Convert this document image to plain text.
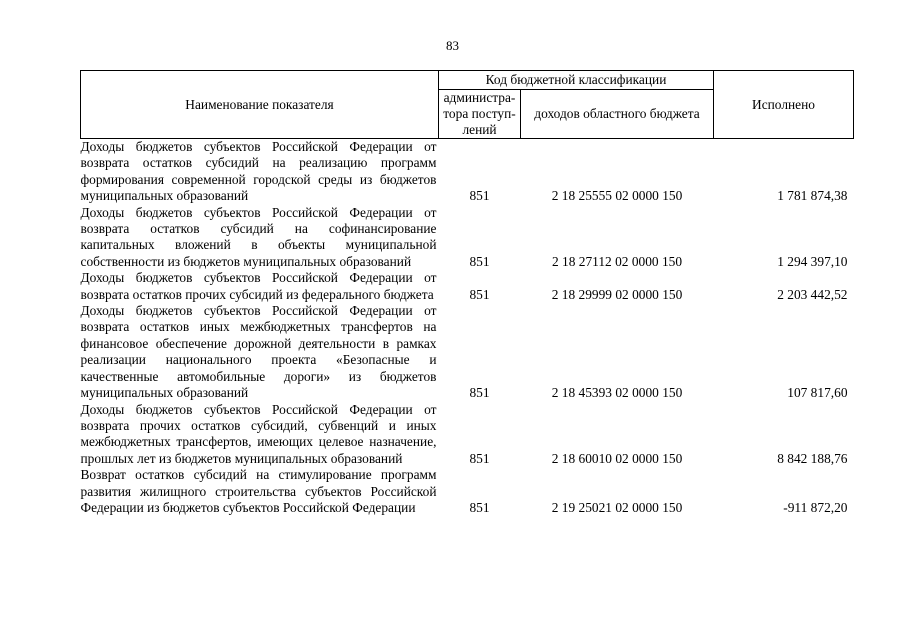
83
Наименование показателя	Код бюджетной классификации		Исполнено
	администра-тора поступ-лений	доходов областного бюджета	
Доходы бюджетов субъектов Российской Федерации от возврата остатков субсидий на реализацию программ формирования современной городской среды из бюджетов муниципальных образований	851	2 18 25555 02 0000 150	1 781 874,38
Доходы бюджетов субъектов Российской Федерации от возврата остатков субсидий на софинансирование капитальных вложений в объекты муниципальной собственности из бюджетов муниципальных образований	851	2 18 27112 02 0000 150	1 294 397,10
Доходы бюджетов субъектов Российской Федерации от возврата остатков прочих субсидий из федерального бюджета	851	2 18 29999 02 0000 150	2 203 442,52
Доходы бюджетов субъектов Российской Федерации от возврата остатков иных межбюджетных трансфертов на финансовое обеспечение дорожной деятельности в рамках реализации национального проекта «Безопасные и качественные автомобильные дороги» из бюджетов муниципальных образований	851	2 18 45393 02 0000 150	107 817,60
Доходы бюджетов субъектов Российской Федерации от возврата прочих остатков субсидий, субвенций и иных межбюджетных трансфертов, имеющих целевое назначение, прошлых лет из бюджетов муниципальных образований	851	2 18 60010 02 0000 150	8 842 188,76
Возврат остатков субсидий на стимулирование программ развития жилищного строительства субъектов Российской Федерации из бюджетов субъектов Российской Федерации	851	2 19 25021 02 0000 150	-911 872,20
